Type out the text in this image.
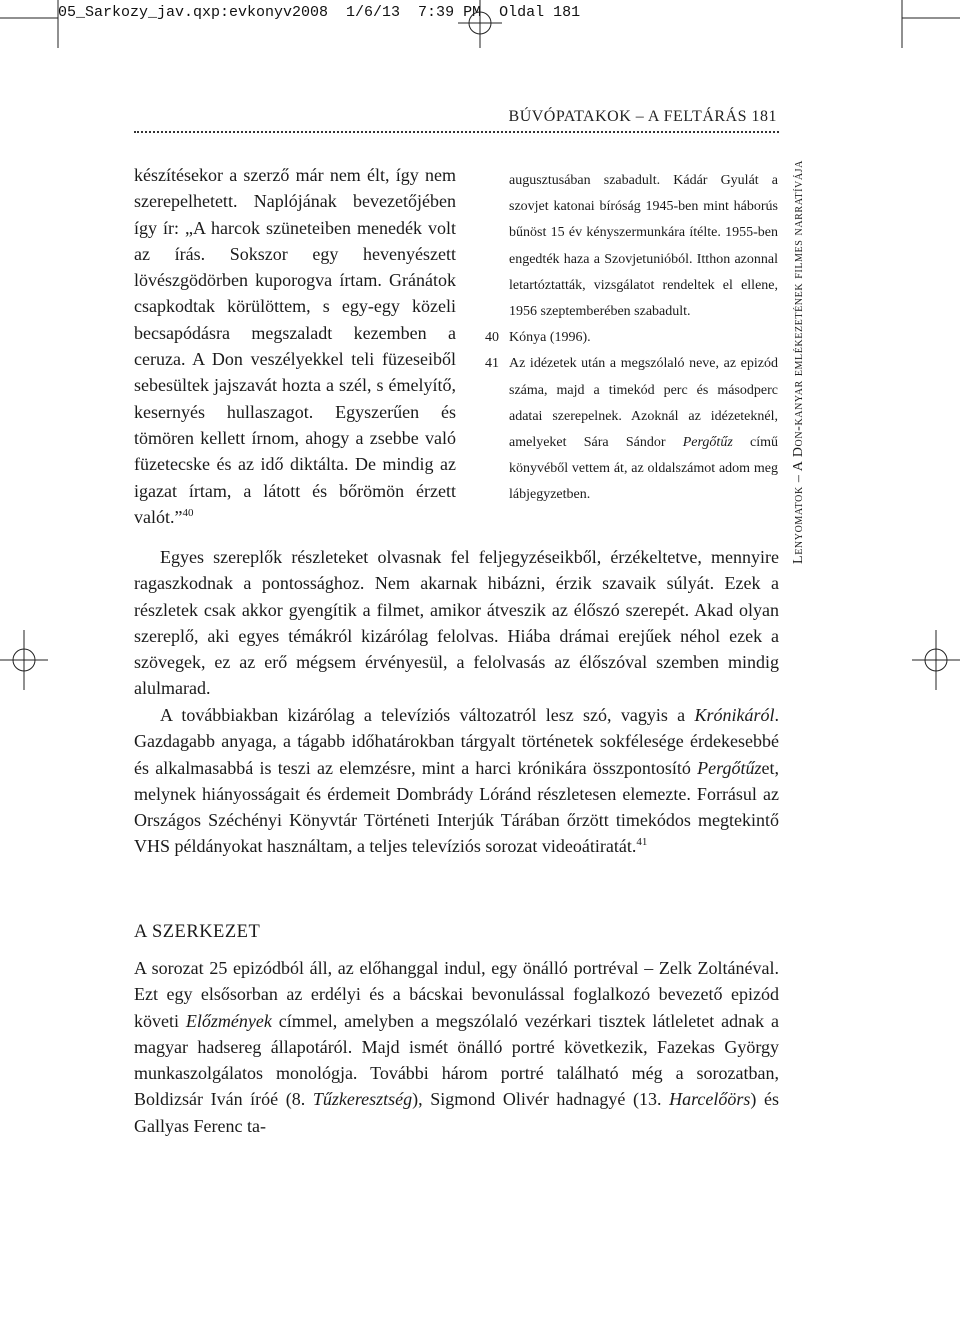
05_Sarkozy_jav.qxp:evkonyv2008  1/6/13  7:39 PM  Oldal 181
BÚVÓPATAKOK – A FELTÁRÁS 181
Lenyomatok – A Don-kanyar emlékezetének filmes narratívája

készítésekor a szerző már nem élt, így nem szerepelhetett. Naplójának bevezetőjében így ír: „A harcok szüneteiben menedék volt az írás. Sokszor egy hevenyészett lövészgödörben kuporogva írtam. Gránátok csapkodtak körülöttem, s egy-egy közeli becsapódásra megszaladt kezemben a ceruza. A Don veszélyekkel teli füzeseiből sebesültek jajszavát hozta a szél, s émelyítő, kesernyés hullaszagot. Egyszerűen és tömören kellett írnom, ahogy a zsebbe való füzetecske és az idő diktálta. De mindig az igazat írtam, a látott és bőrömön érzett valót.”$^{40}$

augusztusában szabadult. Kádár Gyulát a szovjet katonai bíróság 1945-ben mint háborús bűnöst 15 év kényszermunkára ítélte. 1955-ben engedték haza a Szovjetunióból. Itthon azonnal letartóztatták, vizsgálatot rendeltek el ellene, 1956 szeptemberében szabadult.

40 Kónya (1996).

41 Az idézetek után a megszólaló neve, az epizód száma, majd a timekód perc és másodperc adatai szerepelnek. Azoknál az idézeteknél, amelyeket Sára Sándor Pergőtűz című könyvéből vettem át, az oldalszámot adom meg lábjegyzetben.

Egyes szereplők részleteket olvasnak fel feljegyzéseikből, érzékeltetve, mennyire ragaszkodnak a pontossághoz. Nem akarnak hibázni, érzik szavaik súlyát. Ezek a részletek csak akkor gyengítik a filmet, amikor átveszik az élőszó szerepét. Akad olyan szereplő, aki egyes témákról kizárólag felolvas. Hiába drámai erejűek néhol ezek a szövegek, ez az erő mégsem érvényesül, a felolvasás az élőszóval szemben mindig alulmarad.

A továbbiakban kizárólag a televíziós változatról lesz szó, vagyis a Krónikáról. Gazdagabb anyaga, a tágabb időhatárokban tárgyalt történetek sokfélesége érdekesebbé és alkalmasabbá is teszi az elemzésre, mint a harci krónikára összpontosító Pergőtűzet, melynek hiányosságait és érdemeit Dombrády Lóránd részletesen elemezte. Forrásul az Országos Széchényi Könyvtár Történeti Interjúk Tárában őrzött timekódos megtekintő VHS példányokat használtam, a teljes televíziós sorozat videoátiratát.$^{41}$

A SZERKEZET

A sorozat 25 epizódból áll, az előhanggal indul, egy önálló portréval – Zelk Zoltánéval. Ezt egy elsősorban az erdélyi és a bácskai bevonulással foglalkozó bevezető epizód követi Előzmények címmel, amelyben a megszólaló vezérkari tisztek látleletet adnak a magyar hadsereg állapotáról. Majd ismét önálló portré következik, Fazekas György munkaszolgálatos monológja. További három portré található még a sorozatban, Boldizsár Iván íróé (8. Tűzkeresztség), Sigmond Olivér hadnagyé (13. Harcelőörs) és Gallyas Ferenc ta-
